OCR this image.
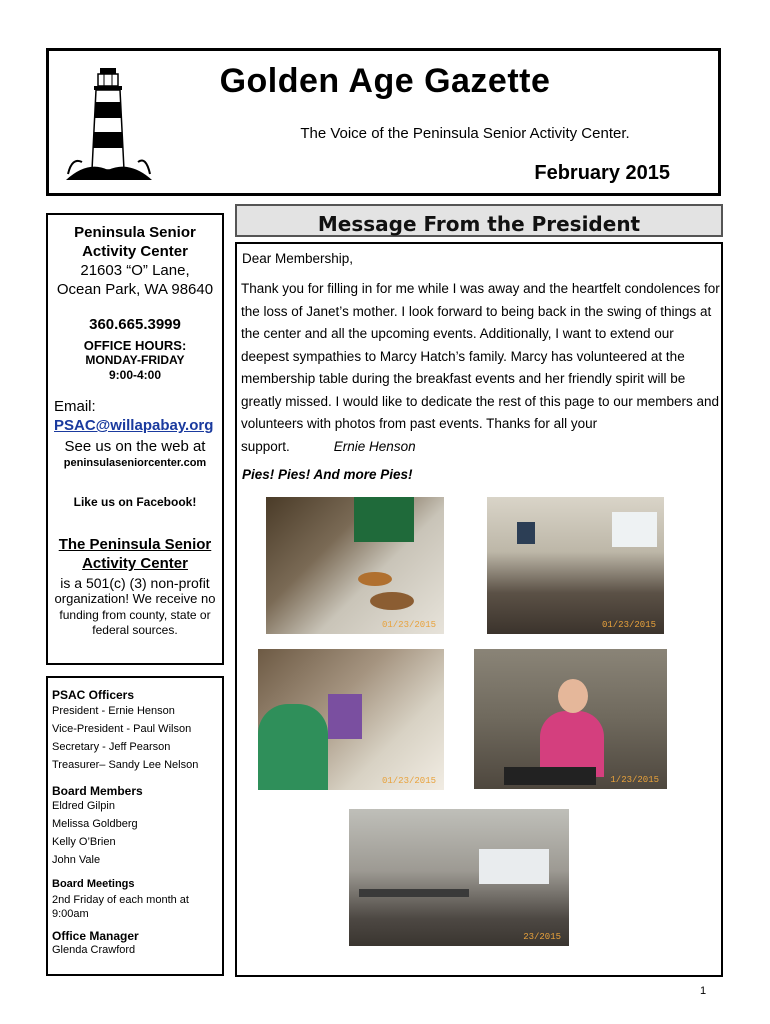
Golden Age Gazette
The Voice of the Peninsula Senior Activity Center.
February 2015
Peninsula Senior Activity Center
21603 “O” Lane,
Ocean Park, WA 98640
360.665.3999
OFFICE HOURS:
MONDAY-FRIDAY
9:00-4:00
Email:
PSAC@willapabay.org
See us on the web at
peninsulaseniorcenter.com
Like us on Facebook!
The Peninsula Senior Activity Center
is a 501(c) (3) non-profit
organization! We receive no
funding from county, state or federal sources.
PSAC Officers
President - Ernie Henson
Vice-President - Paul Wilson
Secretary - Jeff Pearson
Treasurer– Sandy Lee Nelson
Board Members
Eldred Gilpin
Melissa Goldberg
Kelly O’Brien
John Vale
Board Meetings
2nd Friday of each month at
9:00am
Office Manager
Glenda Crawford
Message From the President
Dear Membership,
Thank you for filling in for me while I was away and the heartfelt condolences for the loss of Janet’s mother. I look forward to being back in the swing of things at the center and all the upcoming events. Additionally, I want to extend our deepest sympathies to Marcy Hatch’s family. Marcy has volunteered at the membership table during the breakfast events and her friendly spirit will be greatly missed. I would like to dedicate the rest of this page to our members and volunteers with photos from past events. Thanks for all your support.	Ernie Henson
Pies! Pies! And more Pies!
01/23/2015	01/23/2015
01/23/2015	1/23/2015
23/2015
1
